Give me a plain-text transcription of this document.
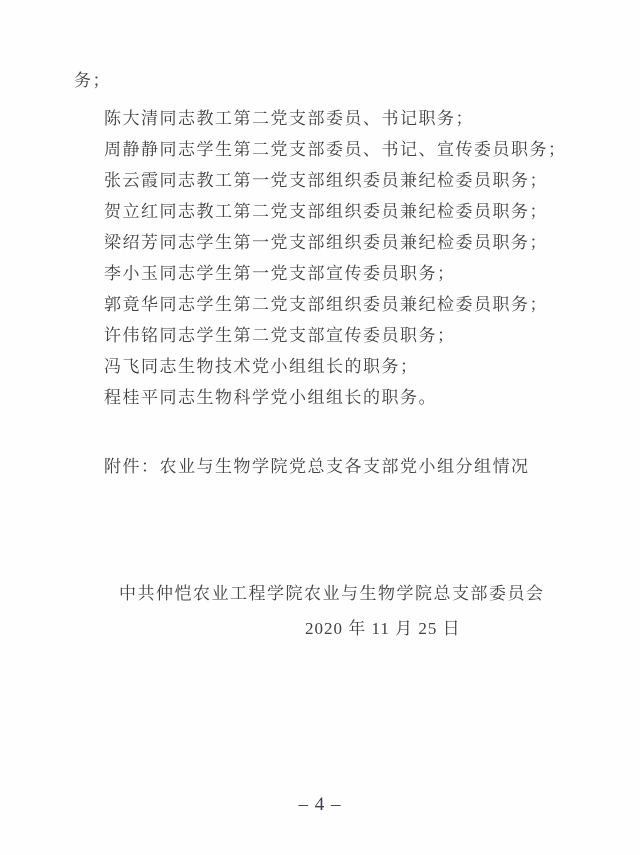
务；
陈大清同志教工第二党支部委员、书记职务；
周静静同志学生第二党支部委员、书记、宣传委员职务；
张云霞同志教工第一党支部组织委员兼纪检委员职务；
贺立红同志教工第二党支部组织委员兼纪检委员职务；
梁绍芳同志学生第一党支部组织委员兼纪检委员职务；
李小玉同志学生第一党支部宣传委员职务；
郭竟华同志学生第二党支部组织委员兼纪检委员职务；
许伟铭同志学生第二党支部宣传委员职务；
冯飞同志生物技术党小组组长的职务；
程桂平同志生物科学党小组组长的职务。
附件：农业与生物学院党总支各支部党小组分组情况
中共仲恺农业工程学院农业与生物学院总支部委员会
2020 年 11 月 25 日
– 4 –
